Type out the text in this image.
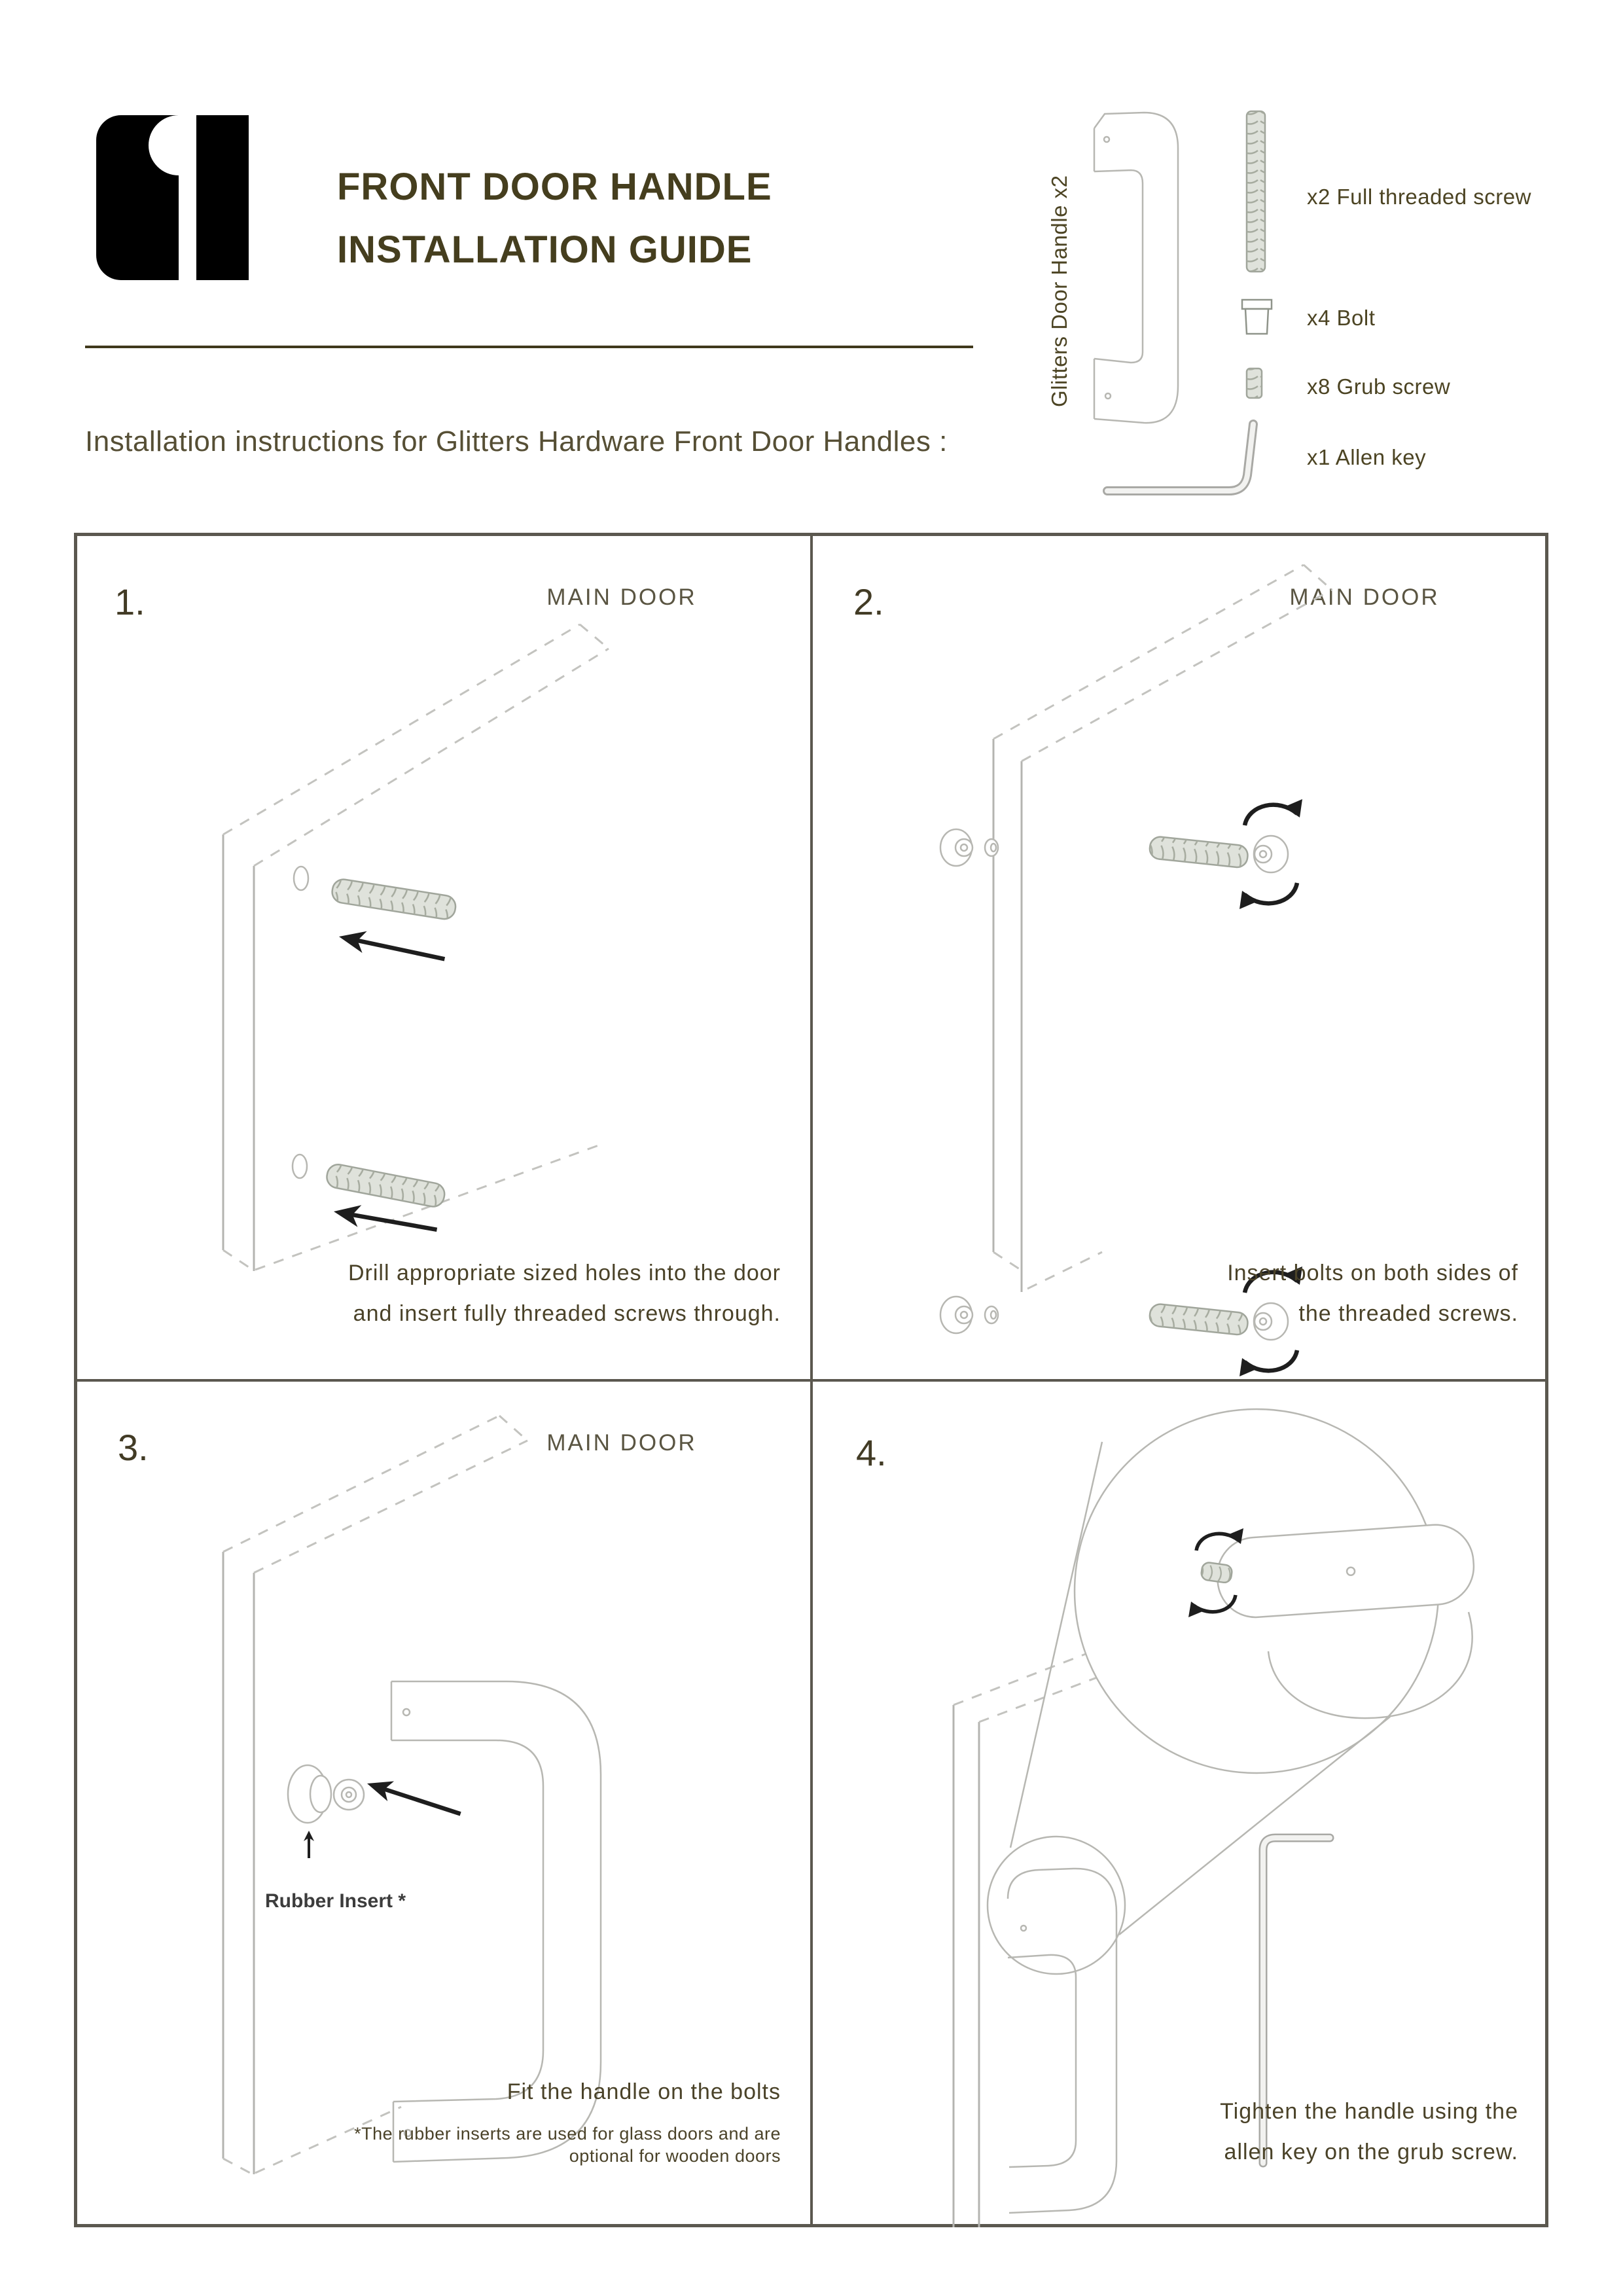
FRONT DOOR HANDLE
INSTALLATION GUIDE
Installation instructions for Glitters Hardware Front Door Handles :
Glitters Door Handle x2	x2 Full threaded screw
x4 Bolt
x8 Grub screw
x1 Allen key
1.	MAIN DOOR
Drill appropriate sized holes into the door
and insert fully threaded screws through.
2.	MAIN DOOR
Insert bolts on both sides of
the threaded screws.
3.	MAIN DOOR
Rubber Insert *
Fit the handle on the bolts
*The rubber inserts are used for glass doors and are
optional for wooden doors
4.
Tighten the handle using the
allen key on the grub screw.
